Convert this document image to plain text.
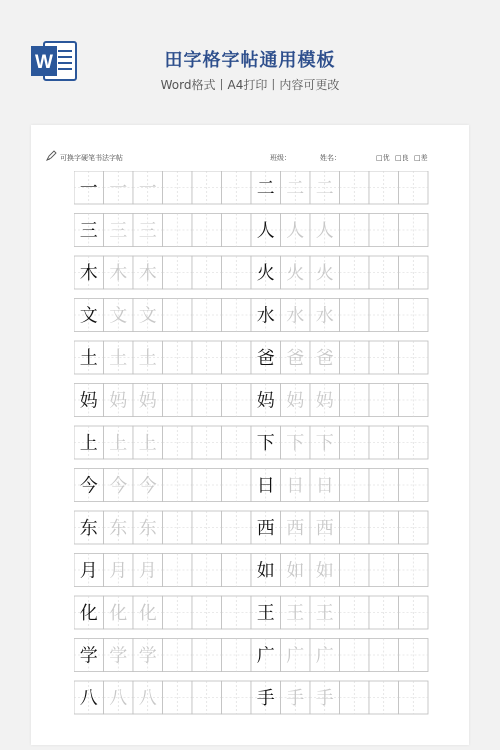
W	田字格字帖通用模板
Word格式丨A4打印丨内容可更改
可换字硬笔书法字帖	班级：	姓名：	□优 □良 □差
一 一 一	二 二 二
三 三 三	人 人 人
木 木 木	火 火 火
文 文 文	水 水 水
土 土 土	爸 爸 爸
妈 妈 妈	妈 妈 妈
上 上 上	下 下 下
今 今 今	日 日 日
东 东 东	西 西 西
月 月 月	如 如 如
化 化 化	王 王 王
学 学 学	广 广 广
八 八 八	手 手 手
